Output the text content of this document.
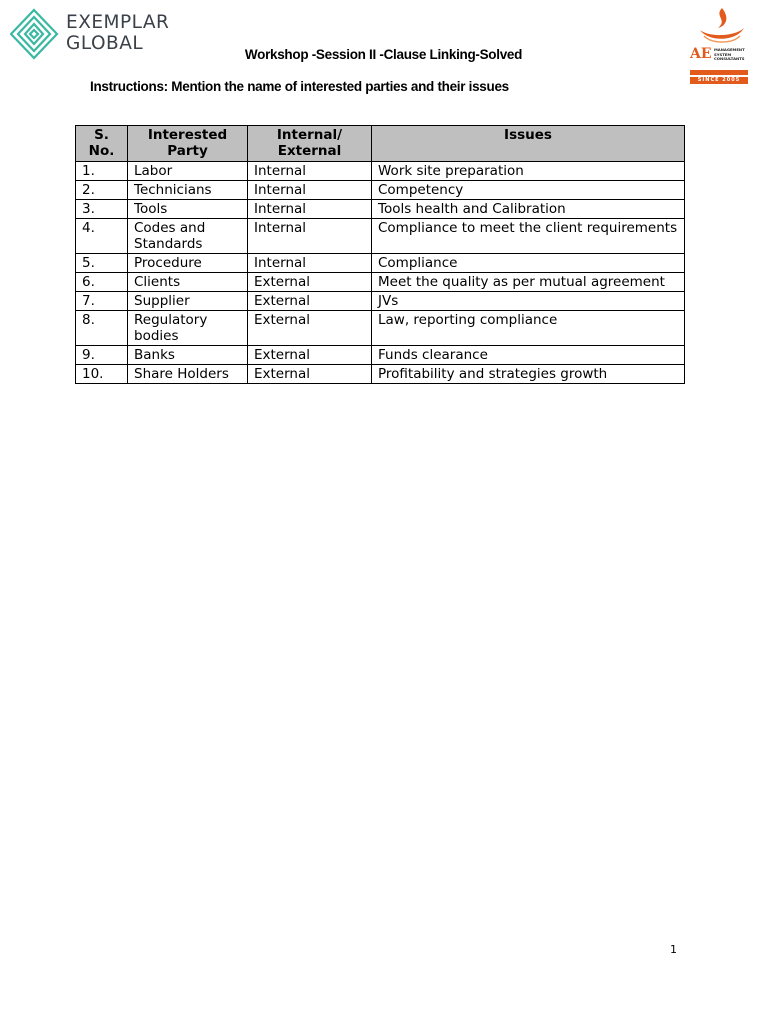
EXEMPLAR
GLOBAL	AE MANAGEMENT
SYSTEM
CONSULTANTS
SINCE 2005
Workshop -Session II -Clause Linking-Solved
Instructions: Mention the name of interested parties and their issues
S. No.	Interested Party	Internal/ External	Issues
1.	Labor	Internal	Work site preparation
2.	Technicians	Internal	Competency
3.	Tools	Internal	Tools health and Calibration
4.	Codes and Standards	Internal	Compliance to meet the client requirements
5.	Procedure	Internal	Compliance
6.	Clients	External	Meet the quality as per mutual agreement
7.	Supplier	External	JVs
8.	Regulatory bodies	External	Law, reporting compliance
9.	Banks	External	Funds clearance
10.	Share Holders	External	Profitability and strategies growth
1
